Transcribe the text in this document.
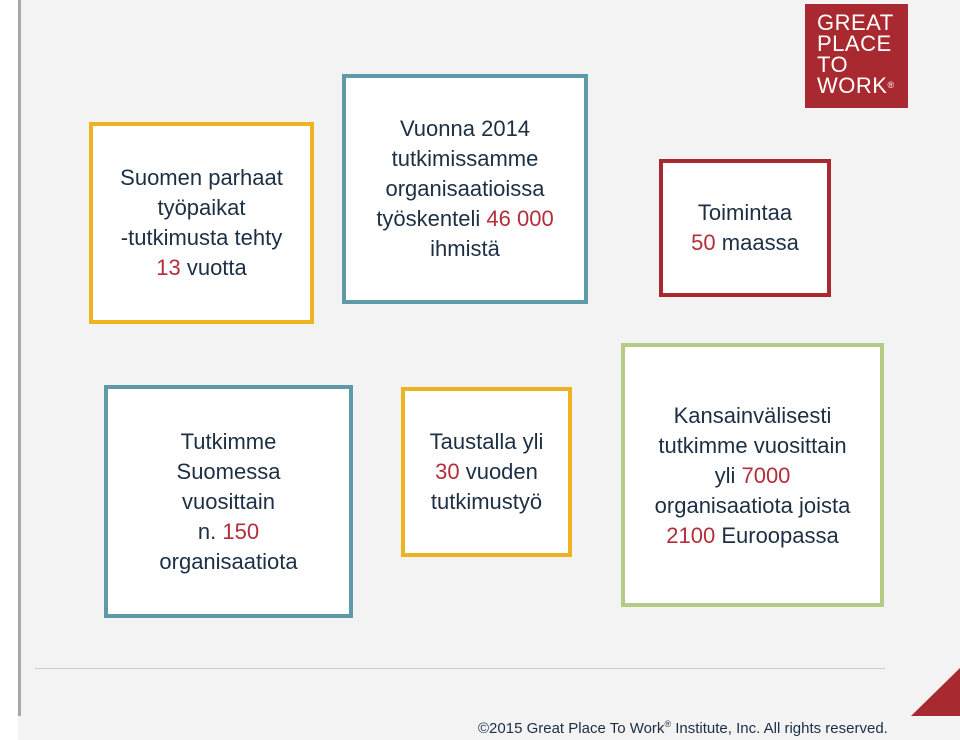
GREAT
PLACE
TO
WORK®
Suomen parhaat
työpaikat
-tutkimusta tehty
13 vuotta
Vuonna 2014
tutkimissamme
organisaatioissa
työskenteli 46 000
ihmistä
Toimintaa
50 maassa
Tutkimme
Suomessa
vuosittain
n. 150
organisaatiota
Taustalla yli
30 vuoden
tutkimustyö
Kansainvälisesti
tutkimme vuosittain
yli 7000
organisaatiota joista
2100 Euroopassa
©2015 Great Place To Work® Institute, Inc. All rights reserved.
